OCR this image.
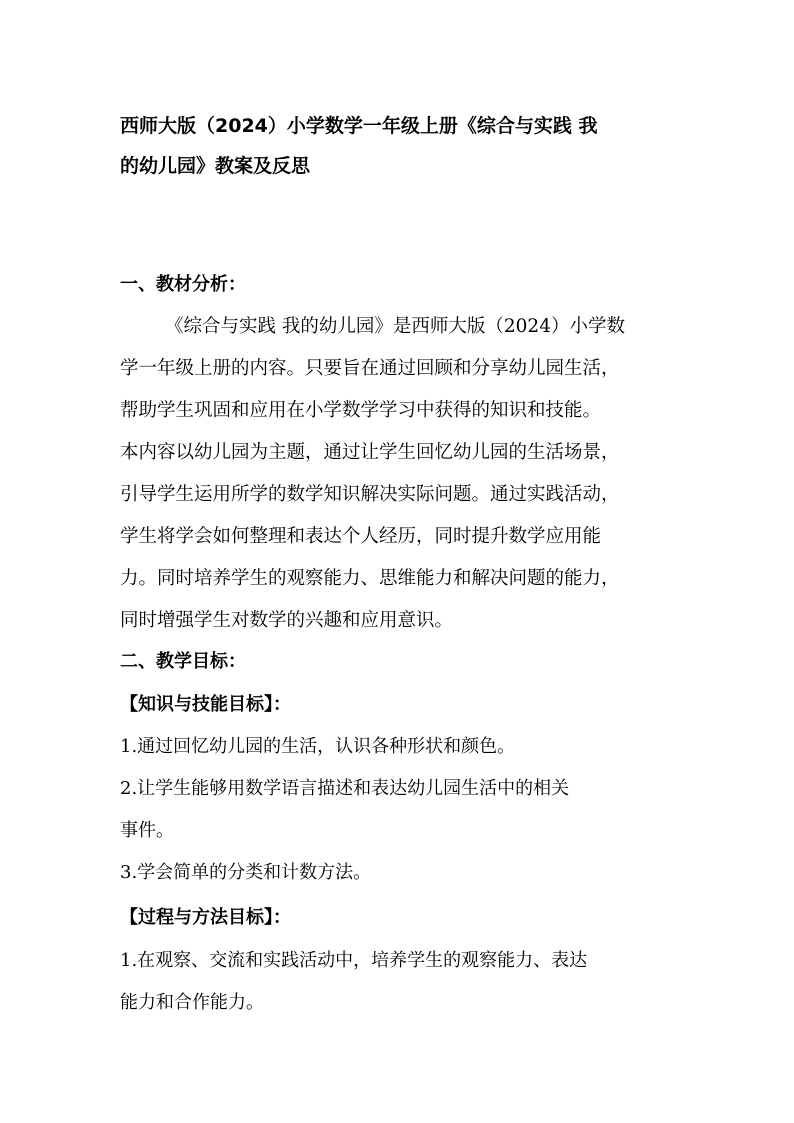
西师大版（2024）小学数学一年级上册《综合与实践 我
的幼儿园》教案及反思
一、教材分析：
《综合与实践 我的幼儿园》是西师大版（2024）小学数
学一年级上册的内容。只要旨在通过回顾和分享幼儿园生活，
帮助学生巩固和应用在小学数学学习中获得的知识和技能。
本内容以幼儿园为主题，通过让学生回忆幼儿园的生活场景，
引导学生运用所学的数学知识解决实际问题。通过实践活动，
学生将学会如何整理和表达个人经历，同时提升数学应用能
力。同时培养学生的观察能力、思维能力和解决问题的能力，
同时增强学生对数学的兴趣和应用意识。
二、教学目标：
【知识与技能目标】：
1.通过回忆幼儿园的生活，认识各种形状和颜色。
2.让学生能够用数学语言描述和表达幼儿园生活中的相关
事件。
3.学会简单的分类和计数方法。
【过程与方法目标】：
1.在观察、交流和实践活动中，培养学生的观察能力、表达
能力和合作能力。
